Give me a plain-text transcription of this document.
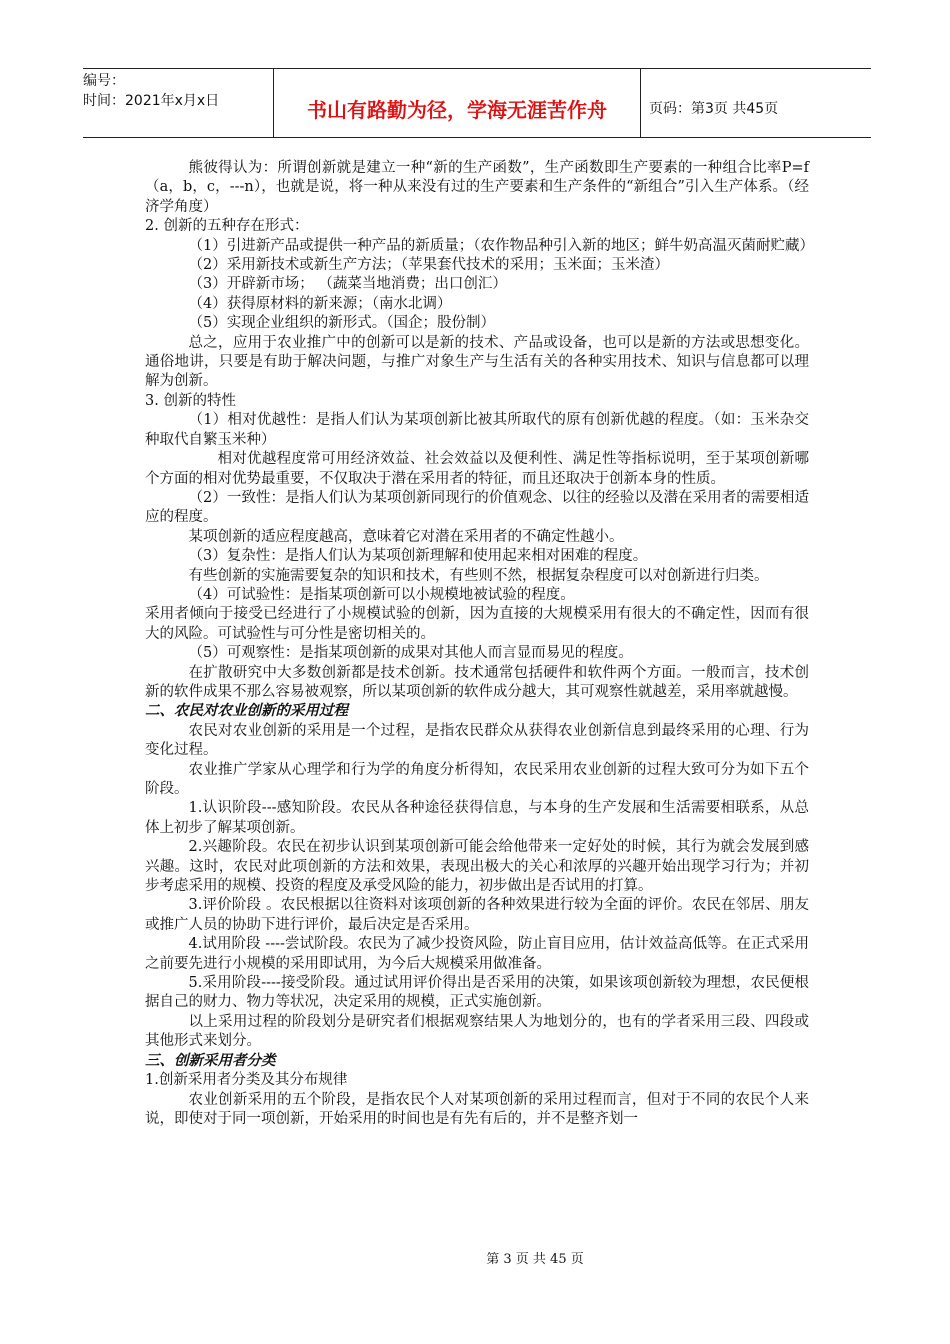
编号：
时间：2021年x月x日	书山有路勤为径，学海无涯苦作舟	页码：第3页 共45页

熊彼得认为：所谓创新就是建立一种“新的生产函数”，生产函数即生产要素的一种组合比率P=f（a，b，c，---n），也就是说，将一种从来没有过的生产要素和生产条件的“新组合”引入生产体系。（经济学角度）

2. 创新的五种存在形式：

（1）引进新产品或提供一种产品的新质量；（农作物品种引入新的地区；鲜牛奶高温灭菌耐贮藏）

（2）采用新技术或新生产方法；（苹果套代技术的采用；玉米面；玉米渣）

（3）开辟新市场； （蔬菜当地消费；出口创汇）

（4）获得原材料的新来源；（南水北调）

（5）实现企业组织的新形式。（国企；股份制）

总之，应用于农业推广中的创新可以是新的技术、产品或设备，也可以是新的方法或思想变化。通俗地讲，只要是有助于解决问题，与推广对象生产与生活有关的各种实用技术、知识与信息都可以理解为创新。

3. 创新的特性

（1）相对优越性：是指人们认为某项创新比被其所取代的原有创新优越的程度。（如：玉米杂交种取代自繁玉米种）

相对优越程度常可用经济效益、社会效益以及便利性、满足性等指标说明，至于某项创新哪个方面的相对优势最重要，不仅取决于潜在采用者的特征，而且还取决于创新本身的性质。

（2）一致性：是指人们认为某项创新同现行的价值观念、以往的经验以及潜在采用者的需要相适应的程度。

某项创新的适应程度越高，意味着它对潜在采用者的不确定性越小。

（3）复杂性：是指人们认为某项创新理解和使用起来相对困难的程度。

有些创新的实施需要复杂的知识和技术，有些则不然，根据复杂程度可以对创新进行归类。

（4）可试验性：是指某项创新可以小规模地被试验的程度。

采用者倾向于接受已经进行了小规模试验的创新，因为直接的大规模采用有很大的不确定性，因而有很大的风险。可试验性与可分性是密切相关的。

（5）可观察性：是指某项创新的成果对其他人而言显而易见的程度。

在扩散研究中大多数创新都是技术创新。技术通常包括硬件和软件两个方面。一般而言，技术创新的软件成果不那么容易被观察，所以某项创新的软件成分越大，其可观察性就越差，采用率就越慢。

二、农民对农业创新的采用过程

农民对农业创新的采用是一个过程，是指农民群众从获得农业创新信息到最终采用的心理、行为变化过程。

农业推广学家从心理学和行为学的角度分析得知，农民采用农业创新的过程大致可分为如下五个阶段。

1.认识阶段---感知阶段。农民从各种途径获得信息，与本身的生产发展和生活需要相联系，从总体上初步了解某项创新。

2.兴趣阶段。农民在初步认识到某项创新可能会给他带来一定好处的时候，其行为就会发展到感兴趣。这时，农民对此项创新的方法和效果，表现出极大的关心和浓厚的兴趣开始出现学习行为；并初步考虑采用的规模、投资的程度及承受风险的能力，初步做出是否试用的打算。

3.评价阶段 。农民根据以往资料对该项创新的各种效果进行较为全面的评价。农民在邻居、朋友或推广人员的协助下进行评价，最后决定是否采用。

4.试用阶段 ----尝试阶段。农民为了减少投资风险，防止盲目应用，估计效益高低等。在正式采用之前要先进行小规模的采用即试用，为今后大规模采用做准备。

5.采用阶段----接受阶段。通过试用评价得出是否采用的决策，如果该项创新较为理想，农民便根据自己的财力、物力等状况，决定采用的规模，正式实施创新。

以上采用过程的阶段划分是研究者们根据观察结果人为地划分的，也有的学者采用三段、四段或其他形式来划分。

三、创新采用者分类

1.创新采用者分类及其分布规律

农业创新采用的五个阶段，是指农民个人对某项创新的采用过程而言，但对于不同的农民个人来说，即使对于同一项创新，开始采用的时间也是有先有后的，并不是整齐划一

第 3 页 共 45 页
